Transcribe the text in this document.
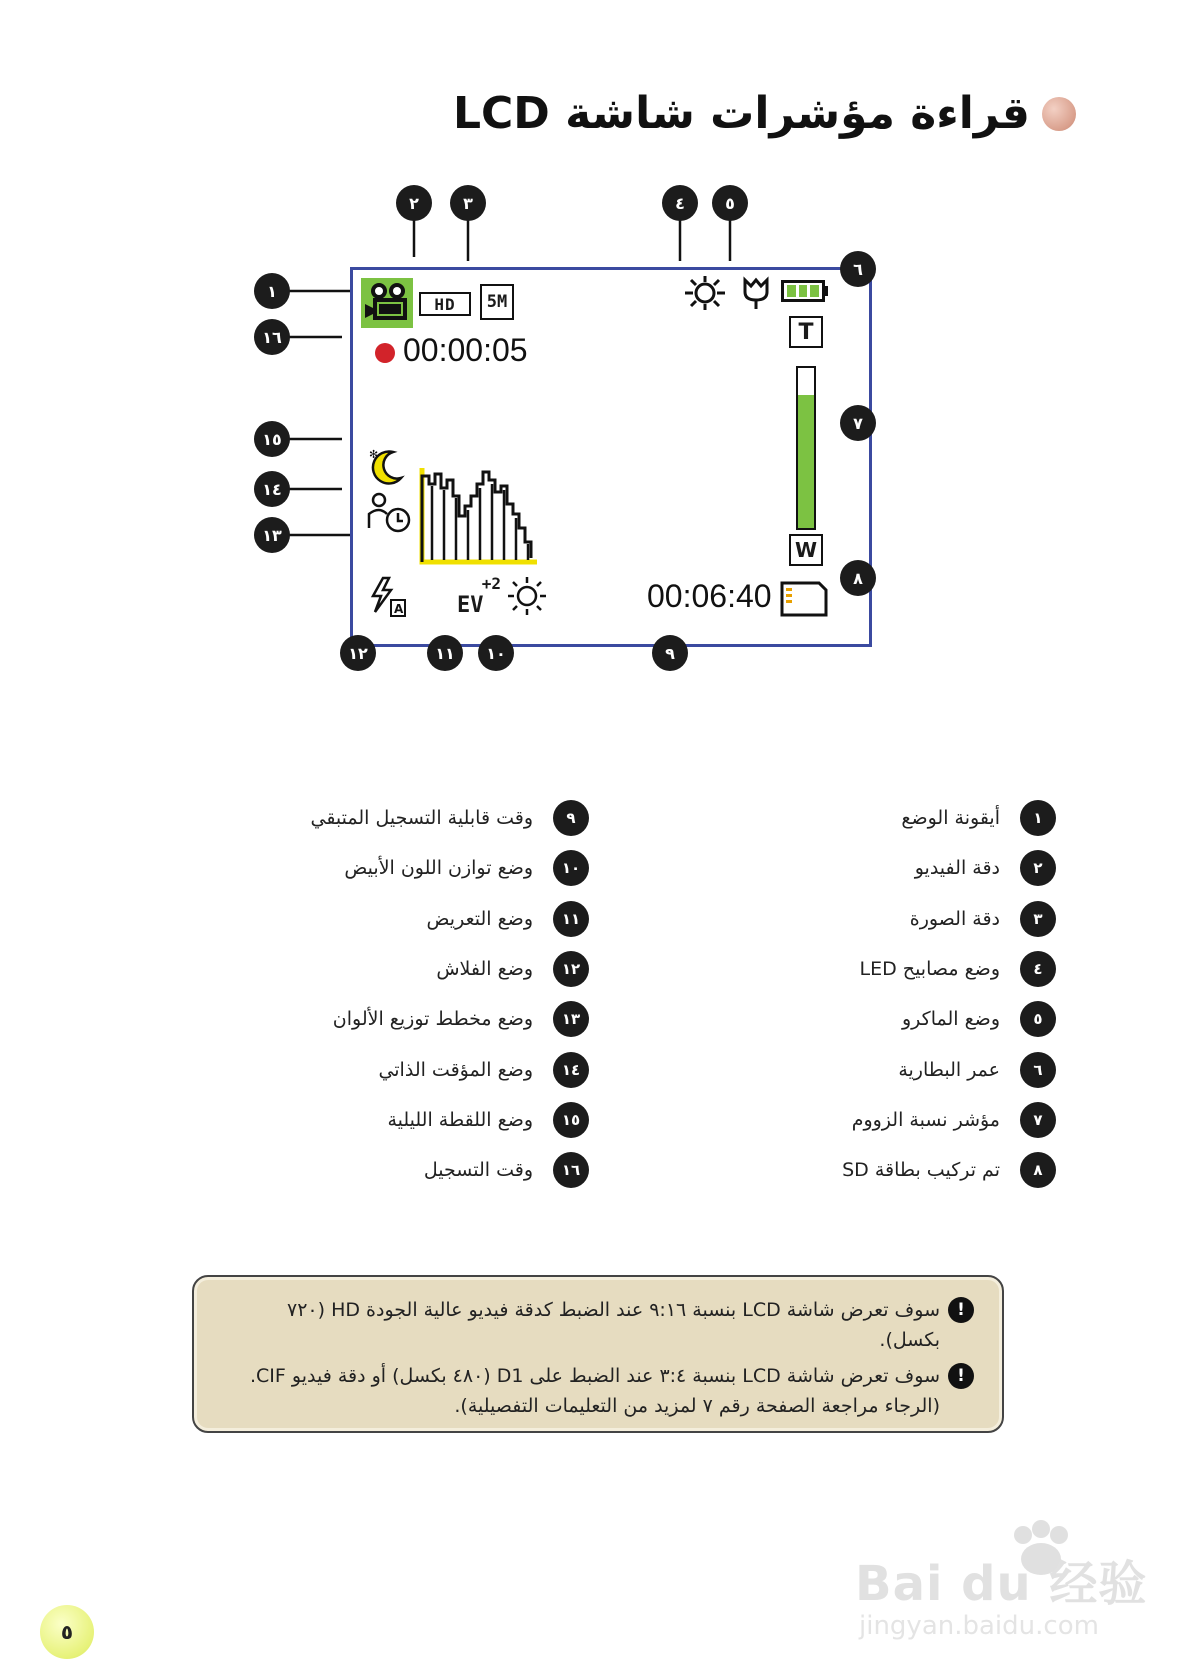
قراءة مؤشرات شاشة LCD
HD 5M
00:00:05	T
W
✻
A
+2
EV	00:06:40
١
٢	٣	٤	٥
٦
٧
٨
٩
١٠
١١
١٢
١٣
١٤
١٥
١٦
١
أيقونة الوضع
٢
دقة الفيديو
٣
دقة الصورة
٤
وضع مصابيح LED
٥
وضع الماكرو
٦
عمر البطارية
٧
مؤشر نسبة الزووم
٨
تم تركيب بطاقة SD
٩
وقت قابلية التسجيل المتبقي
١٠
وضع توازن اللون الأبيض
١١
وضع التعريض
١٢
وضع الفلاش
١٣
وضع مخطط توزيع الألوان
١٤
وضع المؤقت الذاتي
١٥
وضع اللقطة الليلية
١٦
وقت التسجيل
!
سوف تعرض شاشة LCD بنسبة ٩:١٦ عند الضبط كدقة فيديو عالية الجودة HD (٧٢٠ بكسل).
!
سوف تعرض شاشة LCD بنسبة ٣:٤ عند الضبط على D1 (٤٨٠ بكسل) أو دقة فيديو CIF.
(الرجاء مراجعة الصفحة رقم ٧ لمزيد من التعليمات التفصيلية).
٥
Bai du 经验
jingyan.baidu.com
